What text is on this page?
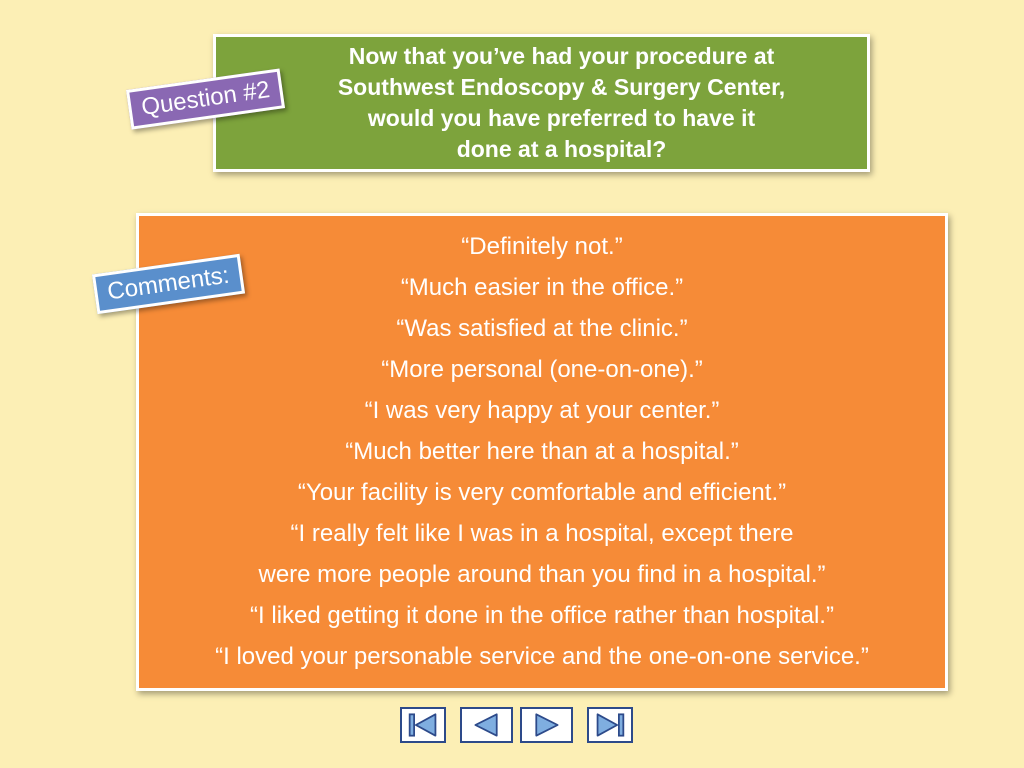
Now that you’ve had your procedure at
Southwest Endoscopy & Surgery Center,
would you have preferred to have it
done at a hospital?
Question #2
“Definitely not.”
“Much easier in the office.”
“Was satisfied at the clinic.”
“More personal (one-on-one).”
“I was very happy at your center.”
“Much better here than at a hospital.”
“Your facility is very comfortable and efficient.”
“I really felt like I was in a hospital, except there
were more people around than you find in a hospital.”
“I liked getting it done in the office rather than hospital.”
“I loved your personable service and the one-on-one service.”
Comments:
